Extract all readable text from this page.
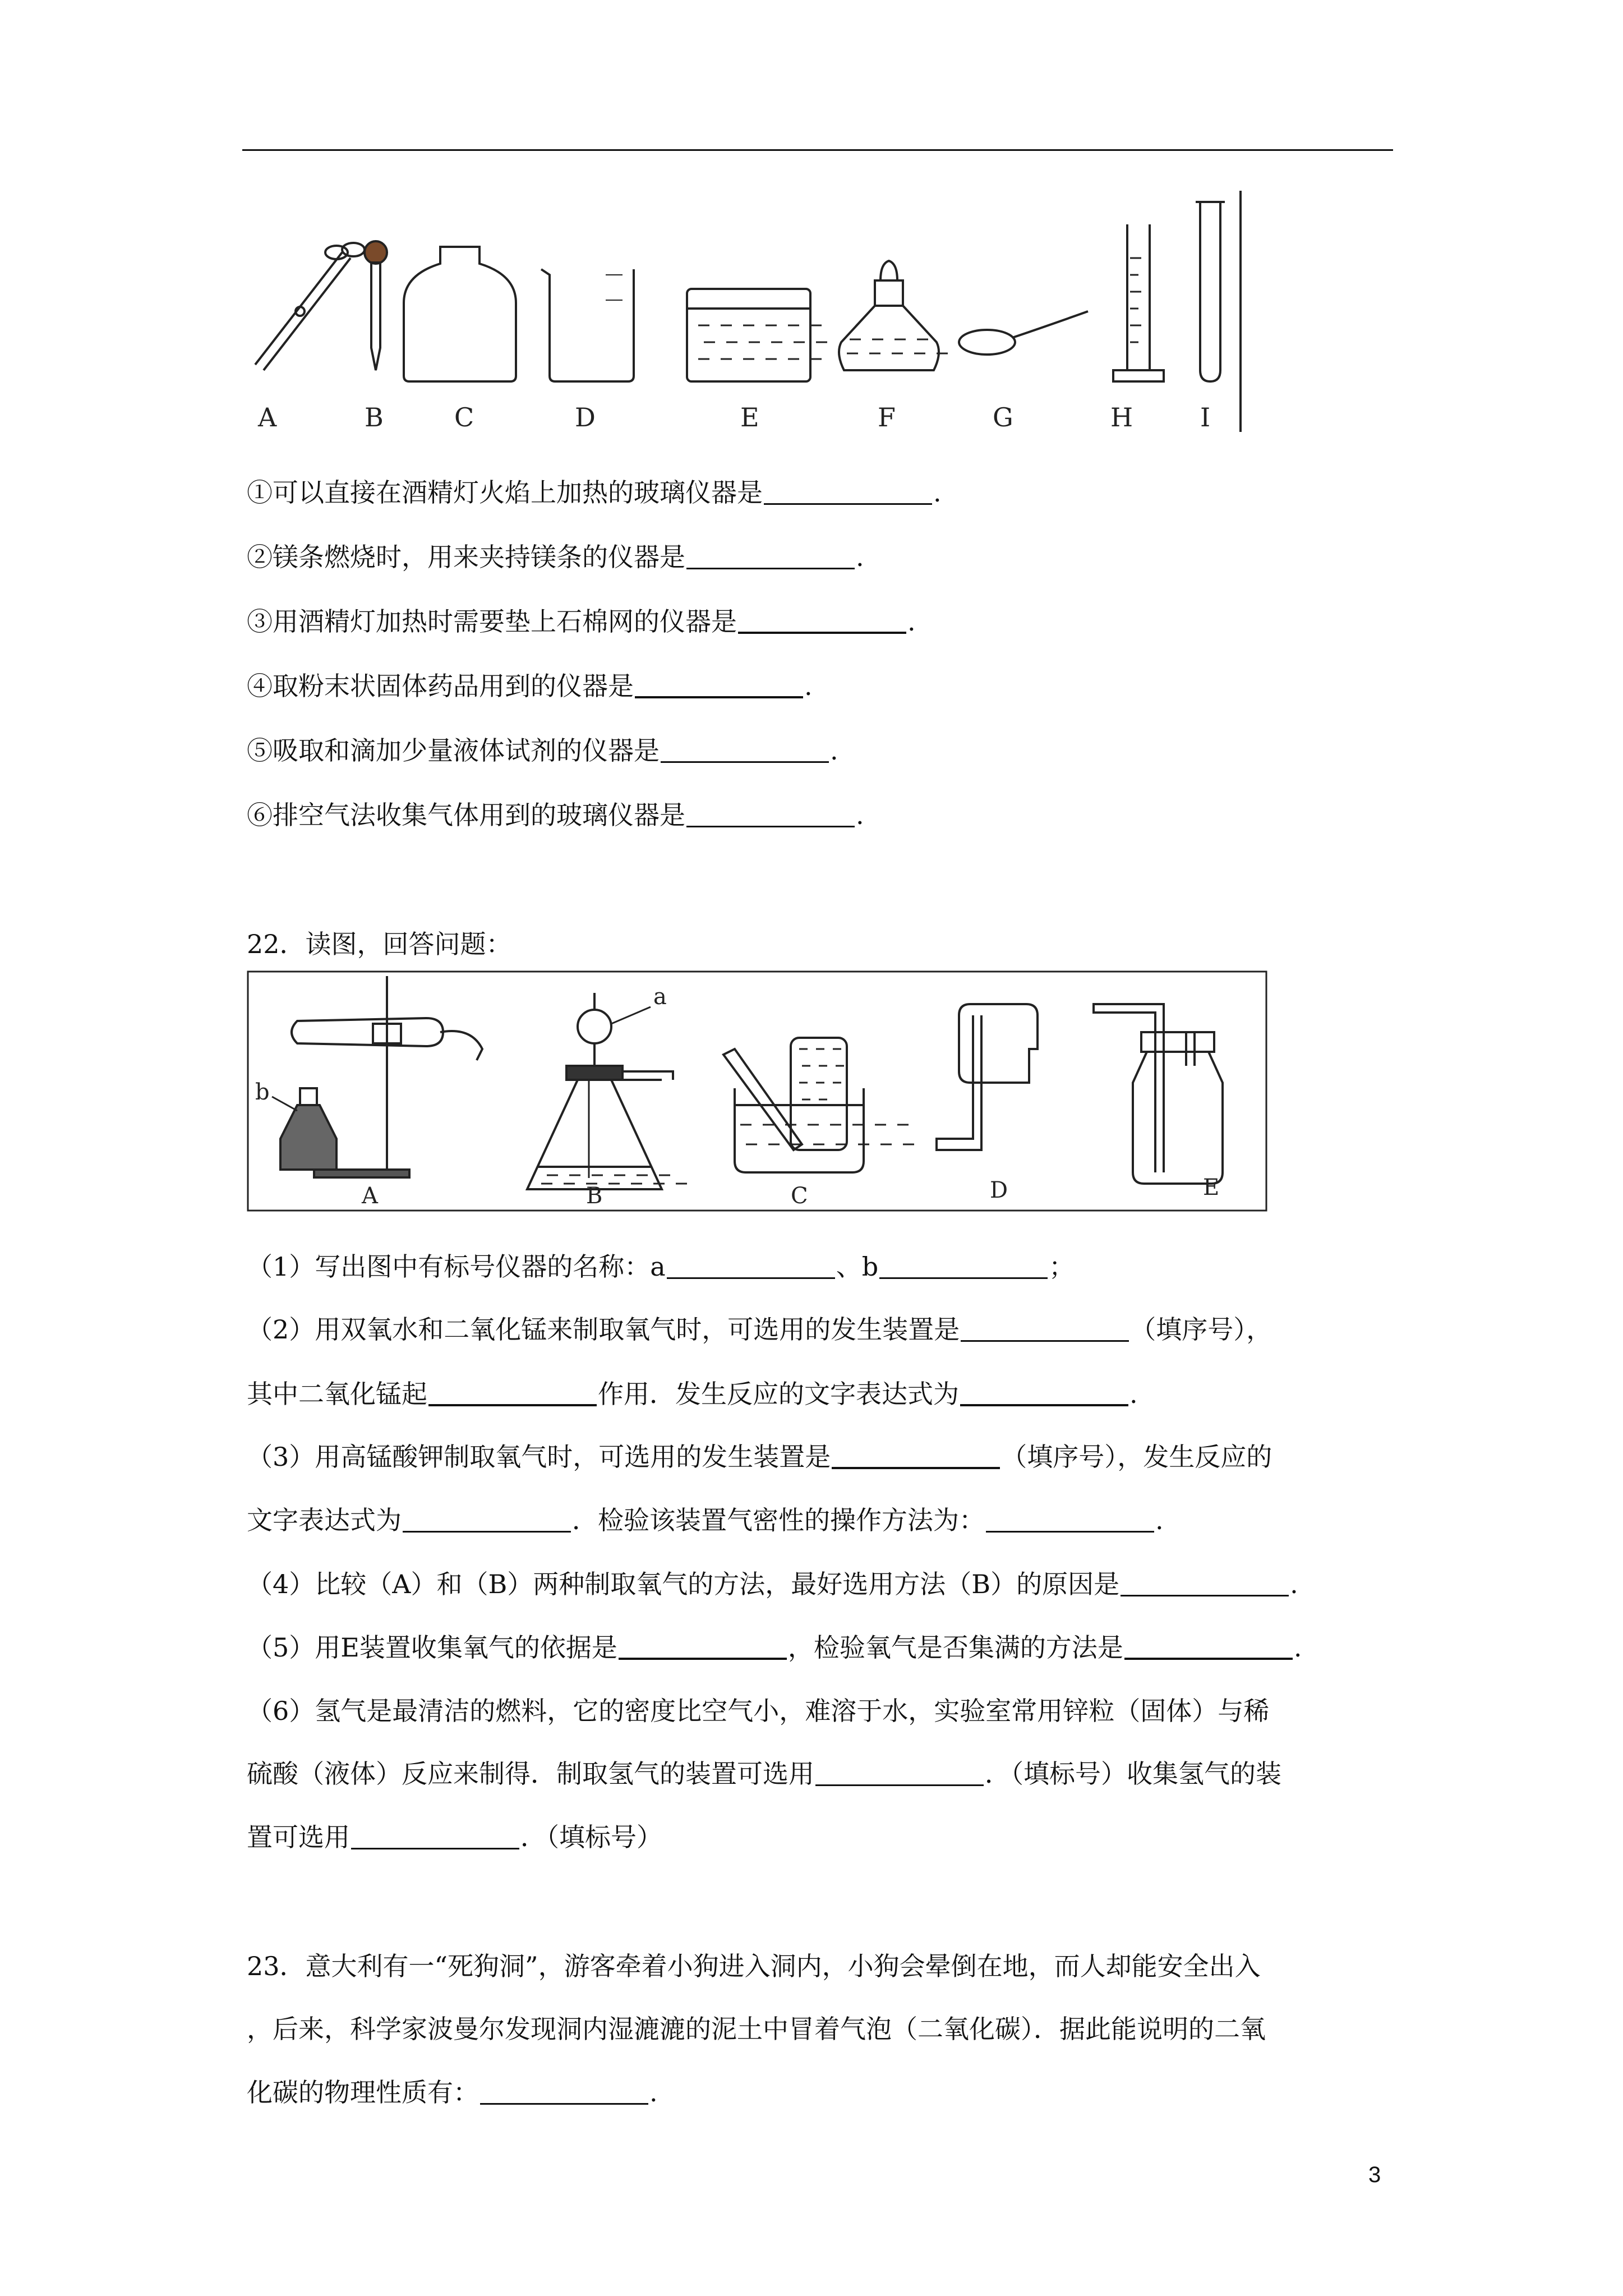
A	B	C	D	E	F	G	H	I
①可以直接在酒精灯火焰上加热的玻璃仪器是	.
②镁条燃烧时，用来夹持镁条的仪器是	.
③用酒精灯加热时需要垫上石棉网的仪器是	.
④取粉末状固体药品用到的仪器是	.
⑤吸取和滴加少量液体试剂的仪器是	.
⑥排空气法收集气体用到的玻璃仪器是	.
22．读图，回答问题：
b
a
A	B	C	D	E
（1）写出图中有标号仪器的名称：a	、b	；
（2）用双氧水和二氧化锰来制取氧气时，可选用的发生装置是	（填序号），
其中二氧化锰起	作用．发生反应的文字表达式为	.
（3）用高锰酸钾制取氧气时，可选用的发生装置是	（填序号），发生反应的
文字表达式为	．检验该装置气密性的操作方法为：	.
（4）比较（A）和（B）两种制取氧气的方法，最好选用方法（B）的原因是	.
（5）用E装置收集氧气的依据是	，检验氧气是否集满的方法是	.
（6）氢气是最清洁的燃料，它的密度比空气小，难溶于水，实验室常用锌粒（固体）与稀
硫酸（液体）反应来制得．制取氢气的装置可选用	．（填标号）收集氢气的装
置可选用	．（填标号）
23．意大利有一“死狗洞”，游客牵着小狗进入洞内，小狗会晕倒在地，而人却能安全出入
，后来，科学家波曼尔发现洞内湿漉漉的泥土中冒着气泡（二氧化碳）．据此能说明的二氧
化碳的物理性质有：	.
3
